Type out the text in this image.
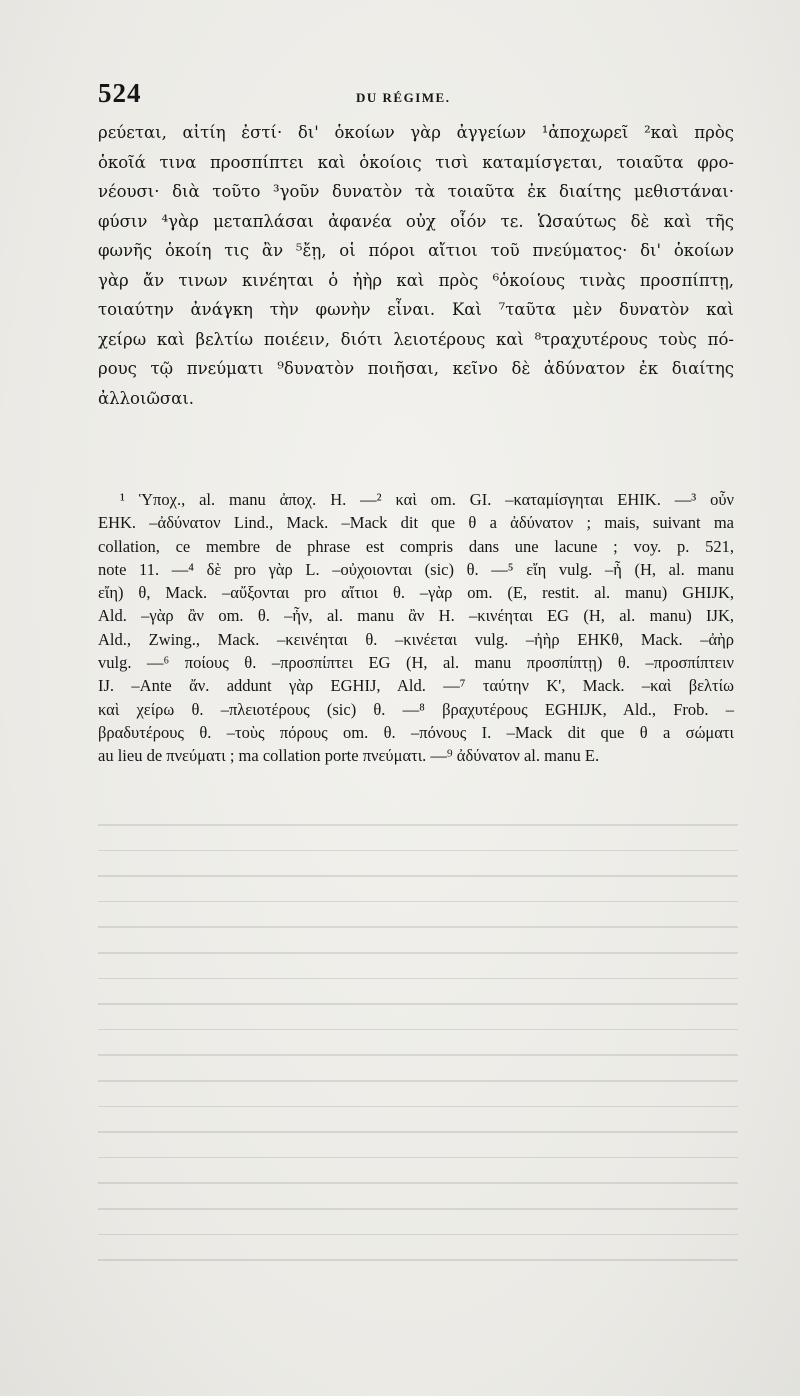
524	DU RÉGIME.
ρεύεται, αἰτίη ἐστί· δι' ὁκοίων γὰρ ἀγγείων ¹ἀποχωρεῖ ²καὶ πρὸς
ὁκοῖά τινα προσπίπτει καὶ ὁκοίοις τισὶ καταμίσγεται, τοιαῦτα φρο-
νέουσι· διὰ τοῦτο ³γοῦν δυνατὸν τὰ τοιαῦτα ἐκ διαίτης μεθιστάναι·
φύσιν ⁴γὰρ μεταπλάσαι ἀφανέα οὐχ οἷόν τε. Ὡσαύτως δὲ καὶ τῆς
φωνῆς ὁκοίη τις ἂν ⁵ἔῃ, οἱ πόροι αἴτιοι τοῦ πνεύματος· δι' ὁκοίων
γὰρ ἄν τινων κινέηται ὁ ἠὴρ καὶ πρὸς ⁶ὁκοίους τινὰς προσπίπτῃ,
τοιαύτην ἀνάγκη τὴν φωνὴν εἶναι. Καὶ ⁷ταῦτα μὲν δυνατὸν καὶ
χείρω καὶ βελτίω ποιέειν, διότι λειοτέρους καὶ ⁸τραχυτέρους τοὺς πό-
ρους τῷ πνεύματι ⁹δυνατὸν ποιῆσαι, κεῖνο δὲ ἀδύνατον ἐκ διαίτης
ἀλλοιῶσαι.
¹ Ὑποχ., al. manu ἀποχ. H. —² καὶ om. GI. –καταμίσγηται EHIK. —³ οὖν
EHK. –ἀδύνατον Lind., Mack. –Mack dit que θ a ἀδύνατον ; mais, suivant ma
collation, ce membre de phrase est compris dans une lacune ; voy. p. 521,
note 11. —⁴ δὲ pro γὰρ L. –οὐχοιονται (sic) θ. —⁵ εἴη vulg. –ἦ (H, al. manu
εἴη) θ, Mack. –αὔξονται pro αἴτιοι θ. –γὰρ om. (E, restit. al. manu) GHIJK,
Ald. –γὰρ ἂν om. θ. –ἦν, al. manu ἂν H. –κινέηται EG (H, al. manu) IJK,
Ald., Zwing., Mack. –κεινέηται θ. –κινέεται vulg. –ἠὴρ EHKθ, Mack. –ἀὴρ
vulg. —⁶ ποίους θ. –προσπίπτει EG (H, al. manu προσπίπτῃ) θ. –προσπίπτειν
IJ. –Ante ἄν. addunt γὰρ EGHIJ, Ald. —⁷ ταύτην K', Mack. –καὶ βελτίω
καὶ χείρω θ. –πλειοτέρους (sic) θ. —⁸ βραχυτέρους EGHIJK, Ald., Frob. –
βραδυτέρους θ. –τοὺς πόρους om. θ. –πόνους I. –Mack dit que θ a σώματι
au lieu de πνεύματι ; ma collation porte πνεύματι. —⁹ ἀδύνατον al. manu E.
